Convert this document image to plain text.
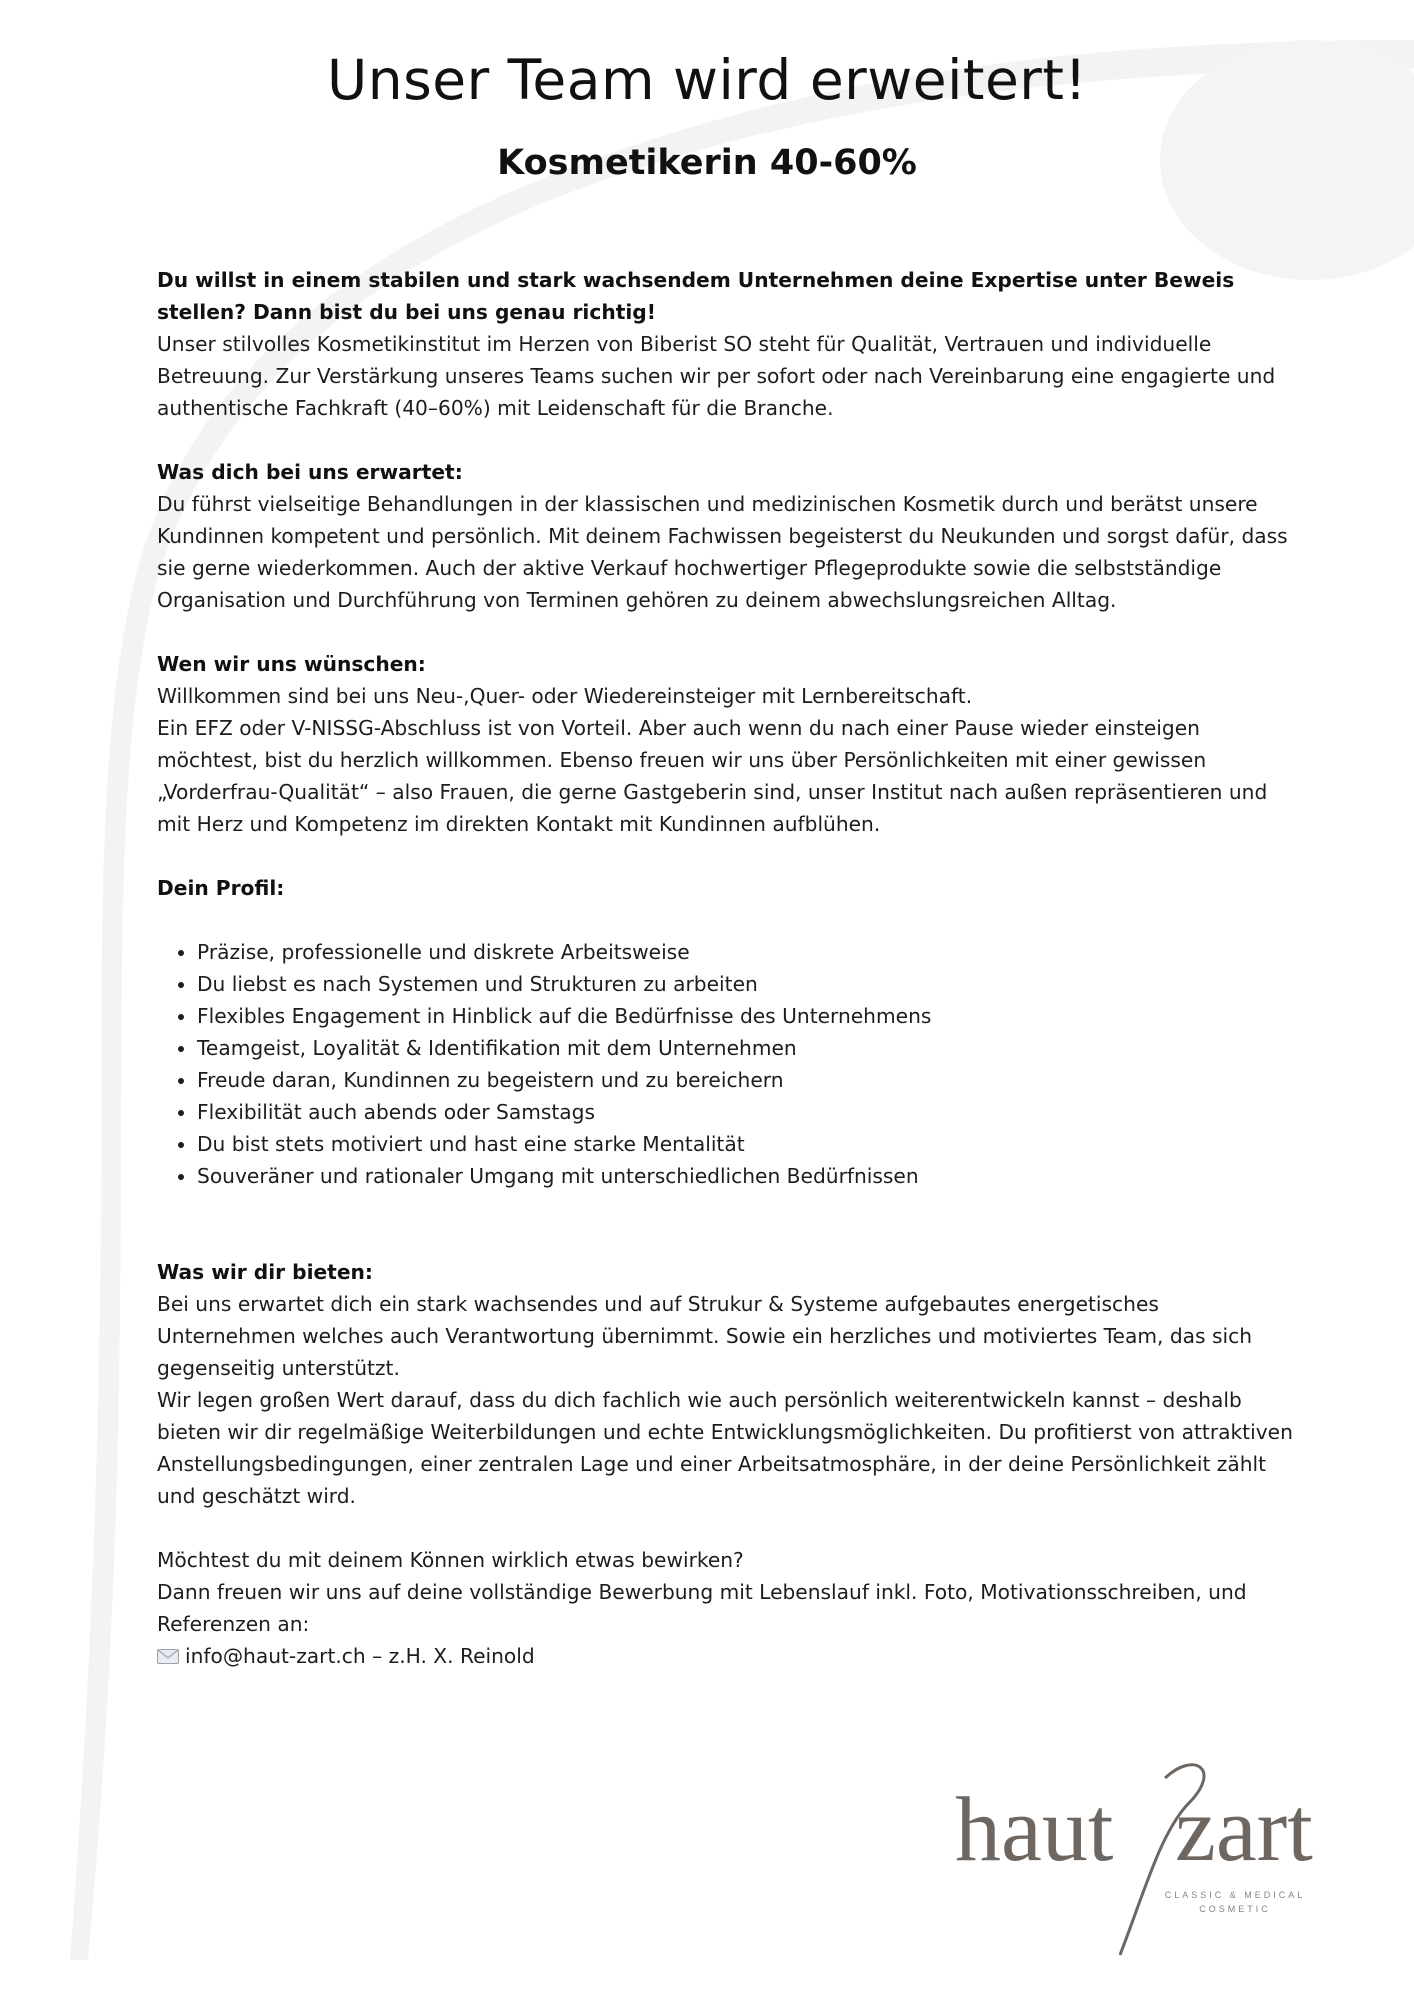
Unser Team wird erweitert!
Kosmetikerin 40-60%

Du willst in einem stabilen und stark wachsendem Unternehmen deine Expertise unter Beweis stellen? Dann bist du bei uns genau richtig!

Unser stilvolles Kosmetikinstitut im Herzen von Biberist SO steht für Qualität, Vertrauen und individuelle Betreuung. Zur Verstärkung unseres Teams suchen wir per sofort oder nach Vereinbarung eine engagierte und authentische Fachkraft (40–60%) mit Leidenschaft für die Branche.

Was dich bei uns erwartet:

Du führst vielseitige Behandlungen in der klassischen und medizinischen Kosmetik durch und berätst unsere Kundinnen kompetent und persönlich. Mit deinem Fachwissen begeisterst du Neukunden und sorgst dafür, dass sie gerne wiederkommen. Auch der aktive Verkauf hochwertiger Pflegeprodukte sowie die selbstständige Organisation und Durchführung von Terminen gehören zu deinem abwechslungsreichen Alltag.

Wen wir uns wünschen:

Willkommen sind bei uns Neu-,Quer- oder Wiedereinsteiger mit Lernbereitschaft.

Ein EFZ oder V-NISSG-Abschluss ist von Vorteil. Aber auch wenn du nach einer Pause wieder einsteigen möchtest, bist du herzlich willkommen. Ebenso freuen wir uns über Persönlichkeiten mit einer gewissen „Vorderfrau-Qualität“ – also Frauen, die gerne Gastgeberin sind, unser Institut nach außen repräsentieren und mit Herz und Kompetenz im direkten Kontakt mit Kundinnen aufblühen.

Dein Profil:

• Präzise, professionelle und diskrete Arbeitsweise
• Du liebst es nach Systemen und Strukturen zu arbeiten
• Flexibles Engagement in Hinblick auf die Bedürfnisse des Unternehmens
• Teamgeist, Loyalität & Identifikation mit dem Unternehmen
• Freude daran, Kundinnen zu begeistern und zu bereichern
• Flexibilität auch abends oder Samstags
• Du bist stets motiviert und hast eine starke Mentalität
• Souveräner und rationaler Umgang mit unterschiedlichen Bedürfnissen

Was wir dir bieten:

Bei uns erwartet dich ein stark wachsendes und auf Strukur & Systeme aufgebautes energetisches Unternehmen welches auch Verantwortung übernimmt. Sowie ein herzliches und motiviertes Team, das sich gegenseitig unterstützt.

Wir legen großen Wert darauf, dass du dich fachlich wie auch persönlich weiterentwickeln kannst – deshalb bieten wir dir regelmäßige Weiterbildungen und echte Entwicklungsmöglichkeiten. Du profitierst von attraktiven Anstellungsbedingungen, einer zentralen Lage und einer Arbeitsatmosphäre, in der deine Persönlichkeit zählt und geschätzt wird.

Möchtest du mit deinem Können wirklich etwas bewirken?

Dann freuen wir uns auf deine vollständige Bewerbung mit Lebenslauf inkl. Foto, Motivationsschreiben, und Referenzen an:

info@haut-zart.ch – z.H. X. Reinold

haut zart
CLASSIC & MEDICAL
COSMETIC
